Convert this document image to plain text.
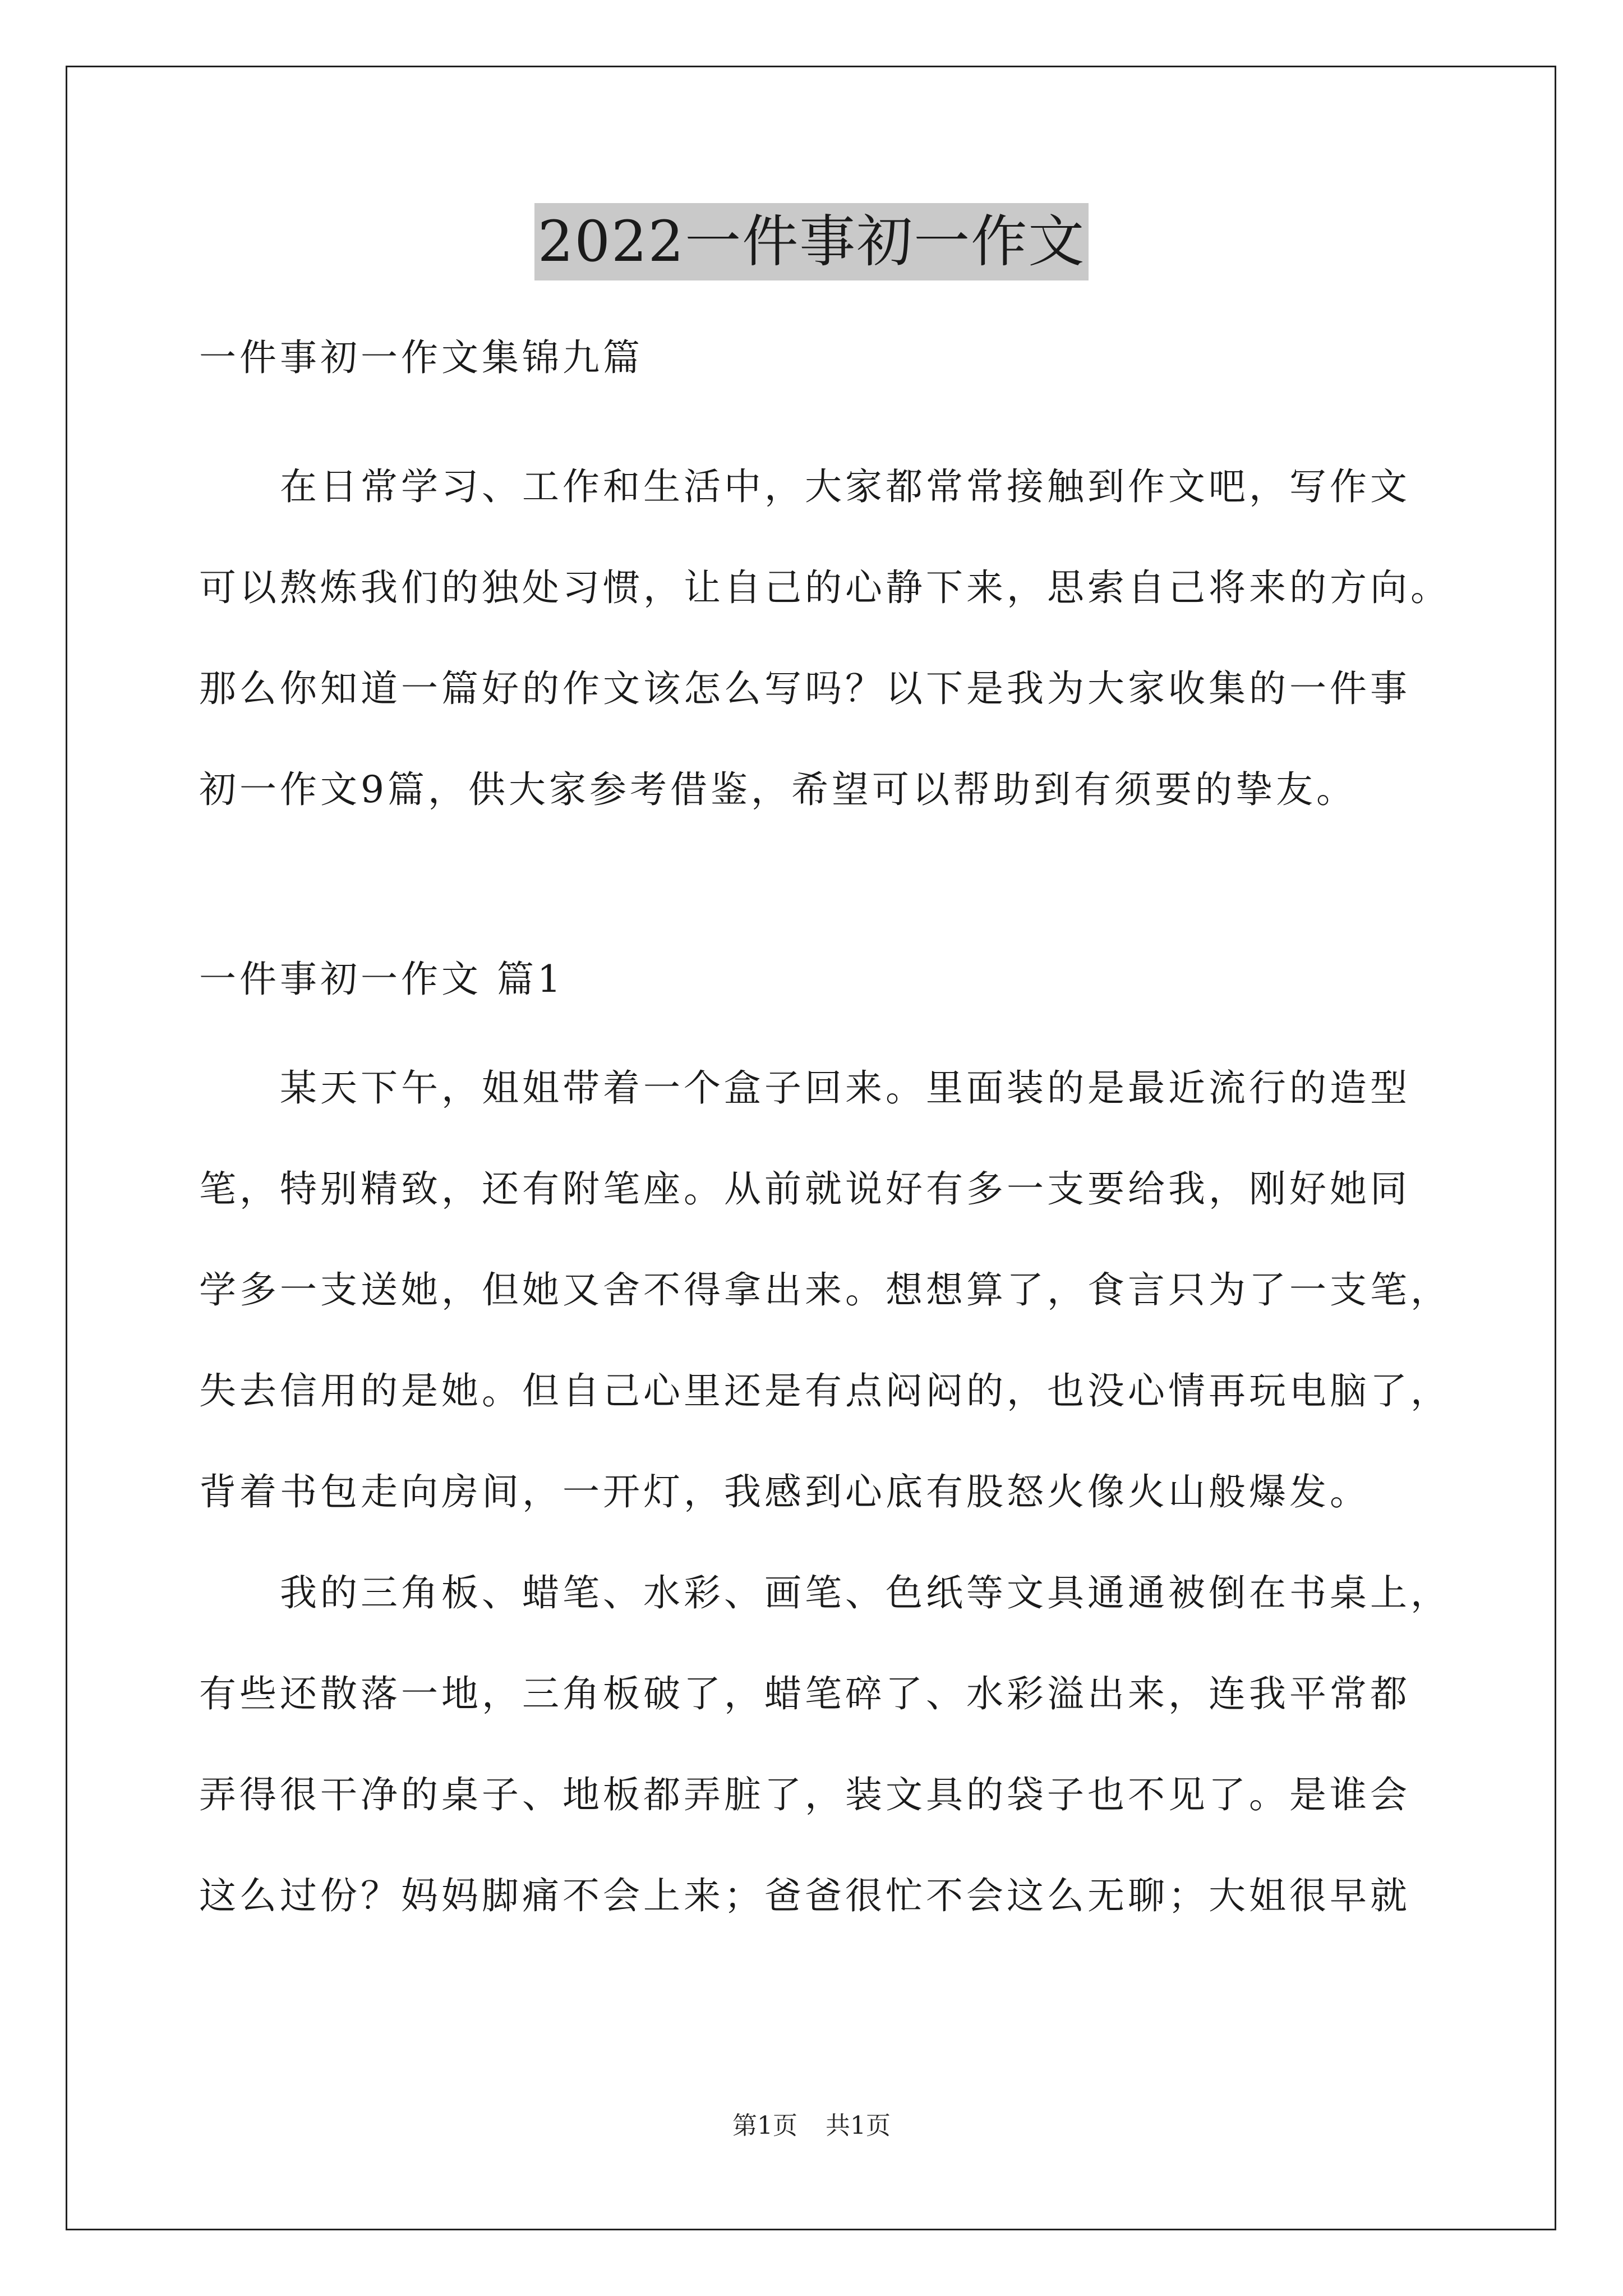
2022一件事初一作文

一件事初一作文集锦九篇

　　在日常学习、工作和生活中，大家都常常接触到作文吧，写作文
可以熬炼我们的独处习惯，让自己的心静下来，思索自己将来的方向。
那么你知道一篇好的作文该怎么写吗？以下是我为大家收集的一件事
初一作文9篇，供大家参考借鉴，希望可以帮助到有须要的挚友。

一件事初一作文 篇1

　　某天下午，姐姐带着一个盒子回来。里面装的是最近流行的造型
笔，特别精致，还有附笔座。从前就说好有多一支要给我，刚好她同
学多一支送她，但她又舍不得拿出来。想想算了，食言只为了一支笔，
失去信用的是她。但自己心里还是有点闷闷的，也没心情再玩电脑了，
背着书包走向房间，一开灯，我感到心底有股怒火像火山般爆发。
　　我的三角板、蜡笔、水彩、画笔、色纸等文具通通被倒在书桌上，
有些还散落一地，三角板破了，蜡笔碎了、水彩溢出来，连我平常都
弄得很干净的桌子、地板都弄脏了，装文具的袋子也不见了。是谁会
这么过份？妈妈脚痛不会上来；爸爸很忙不会这么无聊；大姐很早就
第1页 共1页
